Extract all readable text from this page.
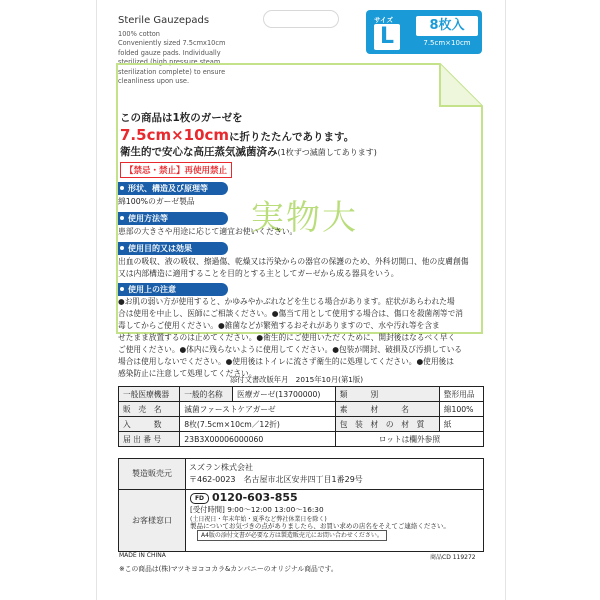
Sterile Gauzepads
100% cotton
Conveniently sized 7.5cmx10cm
folded gauze pads. Individually
sterilized (high pressure steam
sterilization complete) to ensure
cleanliness upon use.
サイズ
L	8枚入
7.5cm×10cm
実物大
この商品は1枚のガーゼを
7.5cm×10cmに折りたたんであります。
衛生的で安心な高圧蒸気滅菌済み(1枚ずつ滅菌してあります)
【禁忌・禁止】再使用禁止
形状、構造及び原理等
綿100%のガーゼ製品
使用方法等
患部の大きさや用途に応じて適宜お使いください。
使用目的又は効果
出血の吸収、液の吸収、擦過傷、乾燥又は汚染からの器官の保護のため、外科切開口、他の皮膚創傷
又は内部構造に適用することを目的とする主としてガーゼから成る器具をいう。
使用上の注意
●お肌の弱い方が使用すると、かゆみやかぶれなどを生じる場合があります。症状があらわれた場
合は使用を中止し、医師にご相談ください。●傷当て用として使用する場合は、傷口を殺菌剤等で消
毒してからご使用ください。●雑菌などが繁殖するおそれがありますので、水や汚れ等を含ま
せたまま放置するのは止めてください。●衛生的にご使用いただくために、開封後はなるべく早く
ご使用ください。●体内に残らないように使用してください。●包装が開封、破損及び汚損している
場合は使用しないでください。●使用後はトイレに流さず衛生的に処理してください。●使用後は
感染防止に注意して処理してください。
添付文書改版年月　2015年10月(第1版)
一般医療機器	一般的名称	医療ガーゼ(13700000)	類　　　別	整形用品
販　売　名	滅菌ファーストケアガーゼ		素　　　材　　　名	綿100%
入　　　数	8枚(7.5cm×10cm／12折)		包　装　材　の　材　質	紙
届 出 番 号	23B3X00006000060		ロットは欄外参照	
製造販売元
スズラン株式会社
〒462-0023　名古屋市北区安井四丁目1番29号
お客様窓口
FD 0120-603-855
[受付時間] 9:00～12:00 13:00～16:30
(土日祝日・年末年始・夏季など弊社休業日を除く)
製品についてお気づきの点がありましたら、お買い求めの店名をそえてご連絡ください。
A4版の添付文書が必要な方は製造販売元にお問い合わせください。
MADE IN CHINA	商品CD 119272
※この商品は(株)マツキヨココカラ&カンパニーのオリジナル商品です。
